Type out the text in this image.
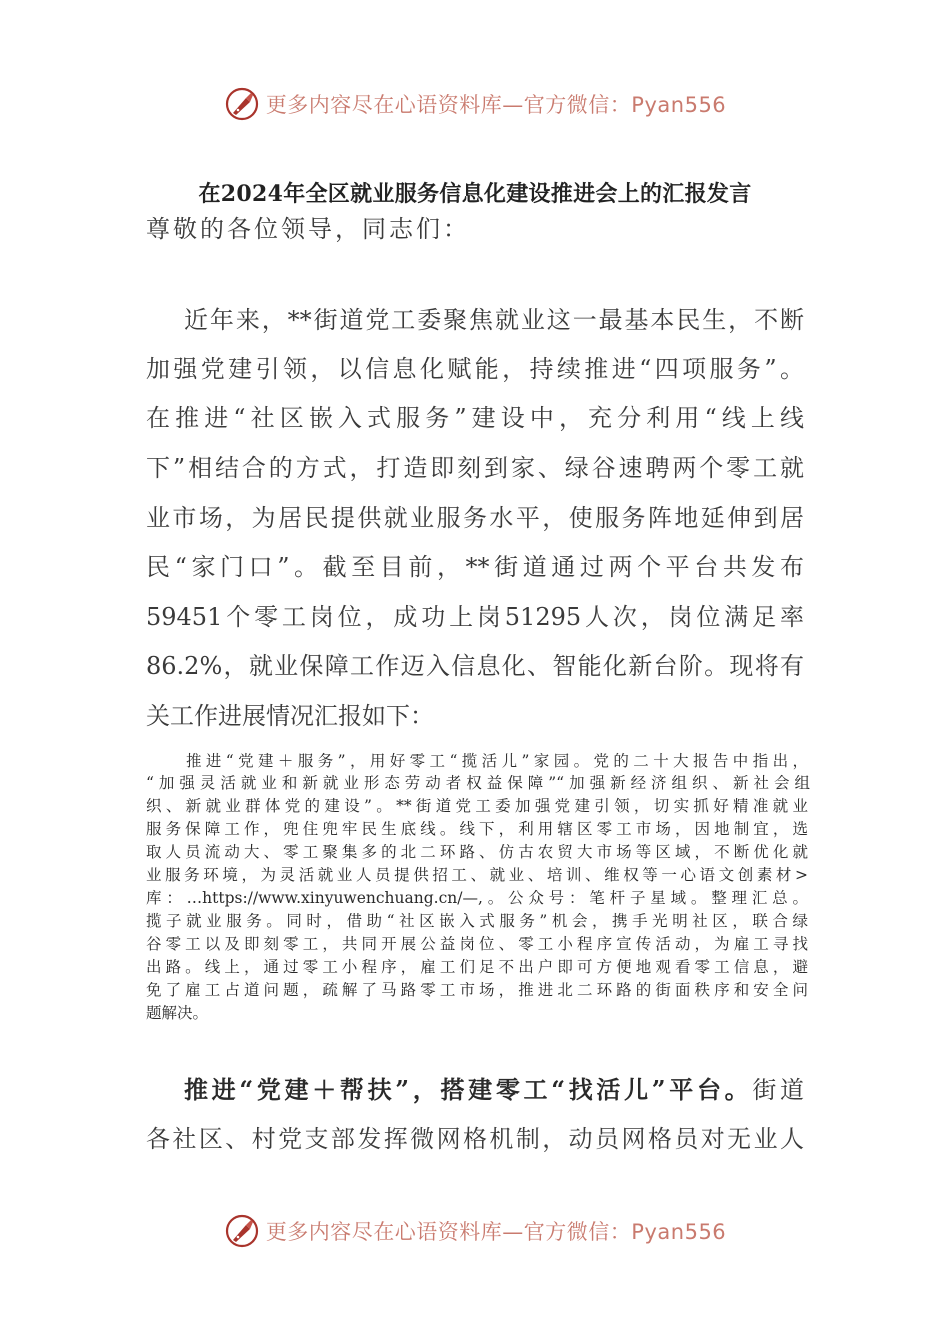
更多内容尽在心语资料库—官方微信：Pyan556
在2024年全区就业服务信息化建设推进会上的汇报发言
尊敬的各位领导，同志们：
近年来，**街道党工委聚焦就业这一最基本民生，不断
加强党建引领，以信息化赋能，持续推进“四项服务”。
在推进“社区嵌入式服务”建设中，充分利用“线上线
下”相结合的方式，打造即刻到家、绿谷速聘两个零工就
业市场，为居民提供就业服务水平，使服务阵地延伸到居
民“家门口”。截至目前，**街道通过两个平台共发布
59451个零工岗位，成功上岗51295人次，岗位满足率
86.2%，就业保障工作迈入信息化、智能化新台阶。现将有
关工作进展情况汇报如下：
推进“党建＋服务”，用好零工“揽活儿”家园。党的二十大报告中指出，
“加强灵活就业和新就业形态劳动者权益保障”“加强新经济组织、新社会组
织、新就业群体党的建设”。**街道党工委加强党建引领，切实抓好精准就业
服务保障工作，兜住兜牢民生底线。线下，利用辖区零工市场，因地制宜，选
取人员流动大、零工聚集多的北二环路、仿古农贸大市场等区域，不断优化就
业服务环境，为灵活就业人员提供招工、就业、培训、维权等一心语文创素材>
库：…https://www.xinyuwenchuang.cn/—,。公众号：笔杆子星域。整理汇总。
揽子就业服务。同时，借助“社区嵌入式服务”机会，携手光明社区，联合绿
谷零工以及即刻零工，共同开展公益岗位、零工小程序宣传活动，为雇工寻找
出路。线上，通过零工小程序，雇工们足不出户即可方便地观看零工信息，避
免了雇工占道问题，疏解了马路零工市场，推进北二环路的街面秩序和安全问
题解决。
推进“党建＋帮扶”，搭建零工“找活儿”平台。街道
各社区、村党支部发挥微网格机制，动员网格员对无业人
更多内容尽在心语资料库—官方微信：Pyan556
